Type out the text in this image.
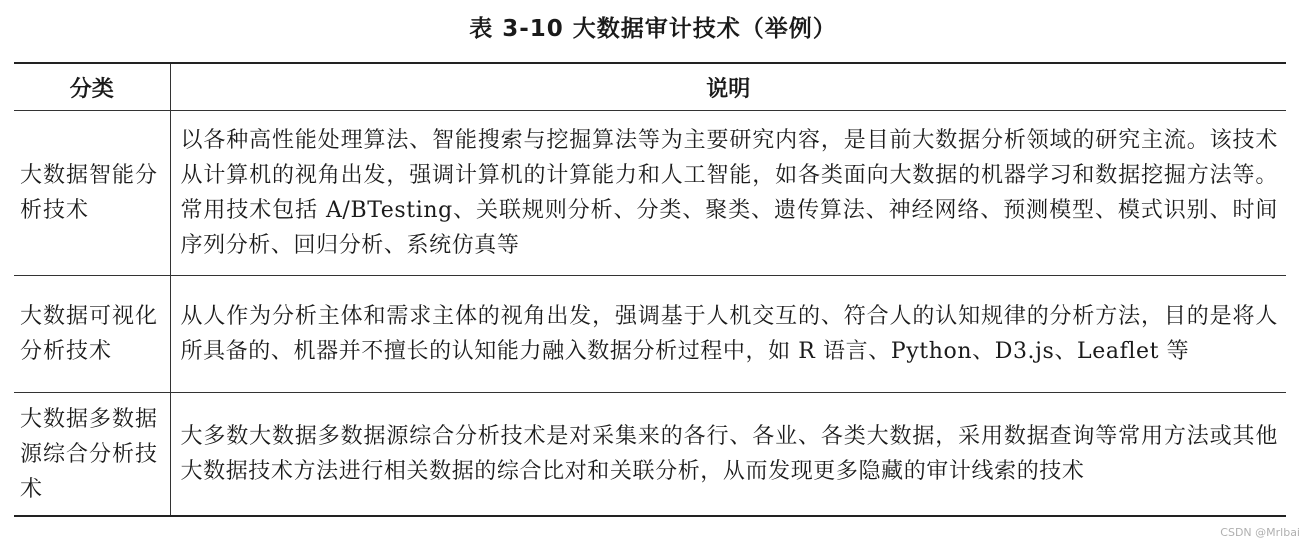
表 3-10 大数据审计技术（举例）
分类	说明
大数据智能分析技术	以各种高性能处理算法、智能搜索与挖掘算法等为主要研究内容，是目前大数据分析领域的研究主流。该技术从计算机的视角出发，强调计算机的计算能力和人工智能，如各类面向大数据的机器学习和数据挖掘方法等。常用技术包括 A/BTesting、关联规则分析、分类、聚类、遗传算法、神经网络、预测模型、模式识别、时间序列分析、回归分析、系统仿真等
大数据可视化分析技术	从人作为分析主体和需求主体的视角出发，强调基于人机交互的、符合人的认知规律的分析方法，目的是将人所具备的、机器并不擅长的认知能力融入数据分析过程中，如 R 语言、Python、D3.js、Leaflet 等
大数据多数据源综合分析技术	大多数大数据多数据源综合分析技术是对采集来的各行、各业、各类大数据，采用数据查询等常用方法或其他大数据技术方法进行相关数据的综合比对和关联分析，从而发现更多隐藏的审计线索的技术
CSDN @Mrlbai
